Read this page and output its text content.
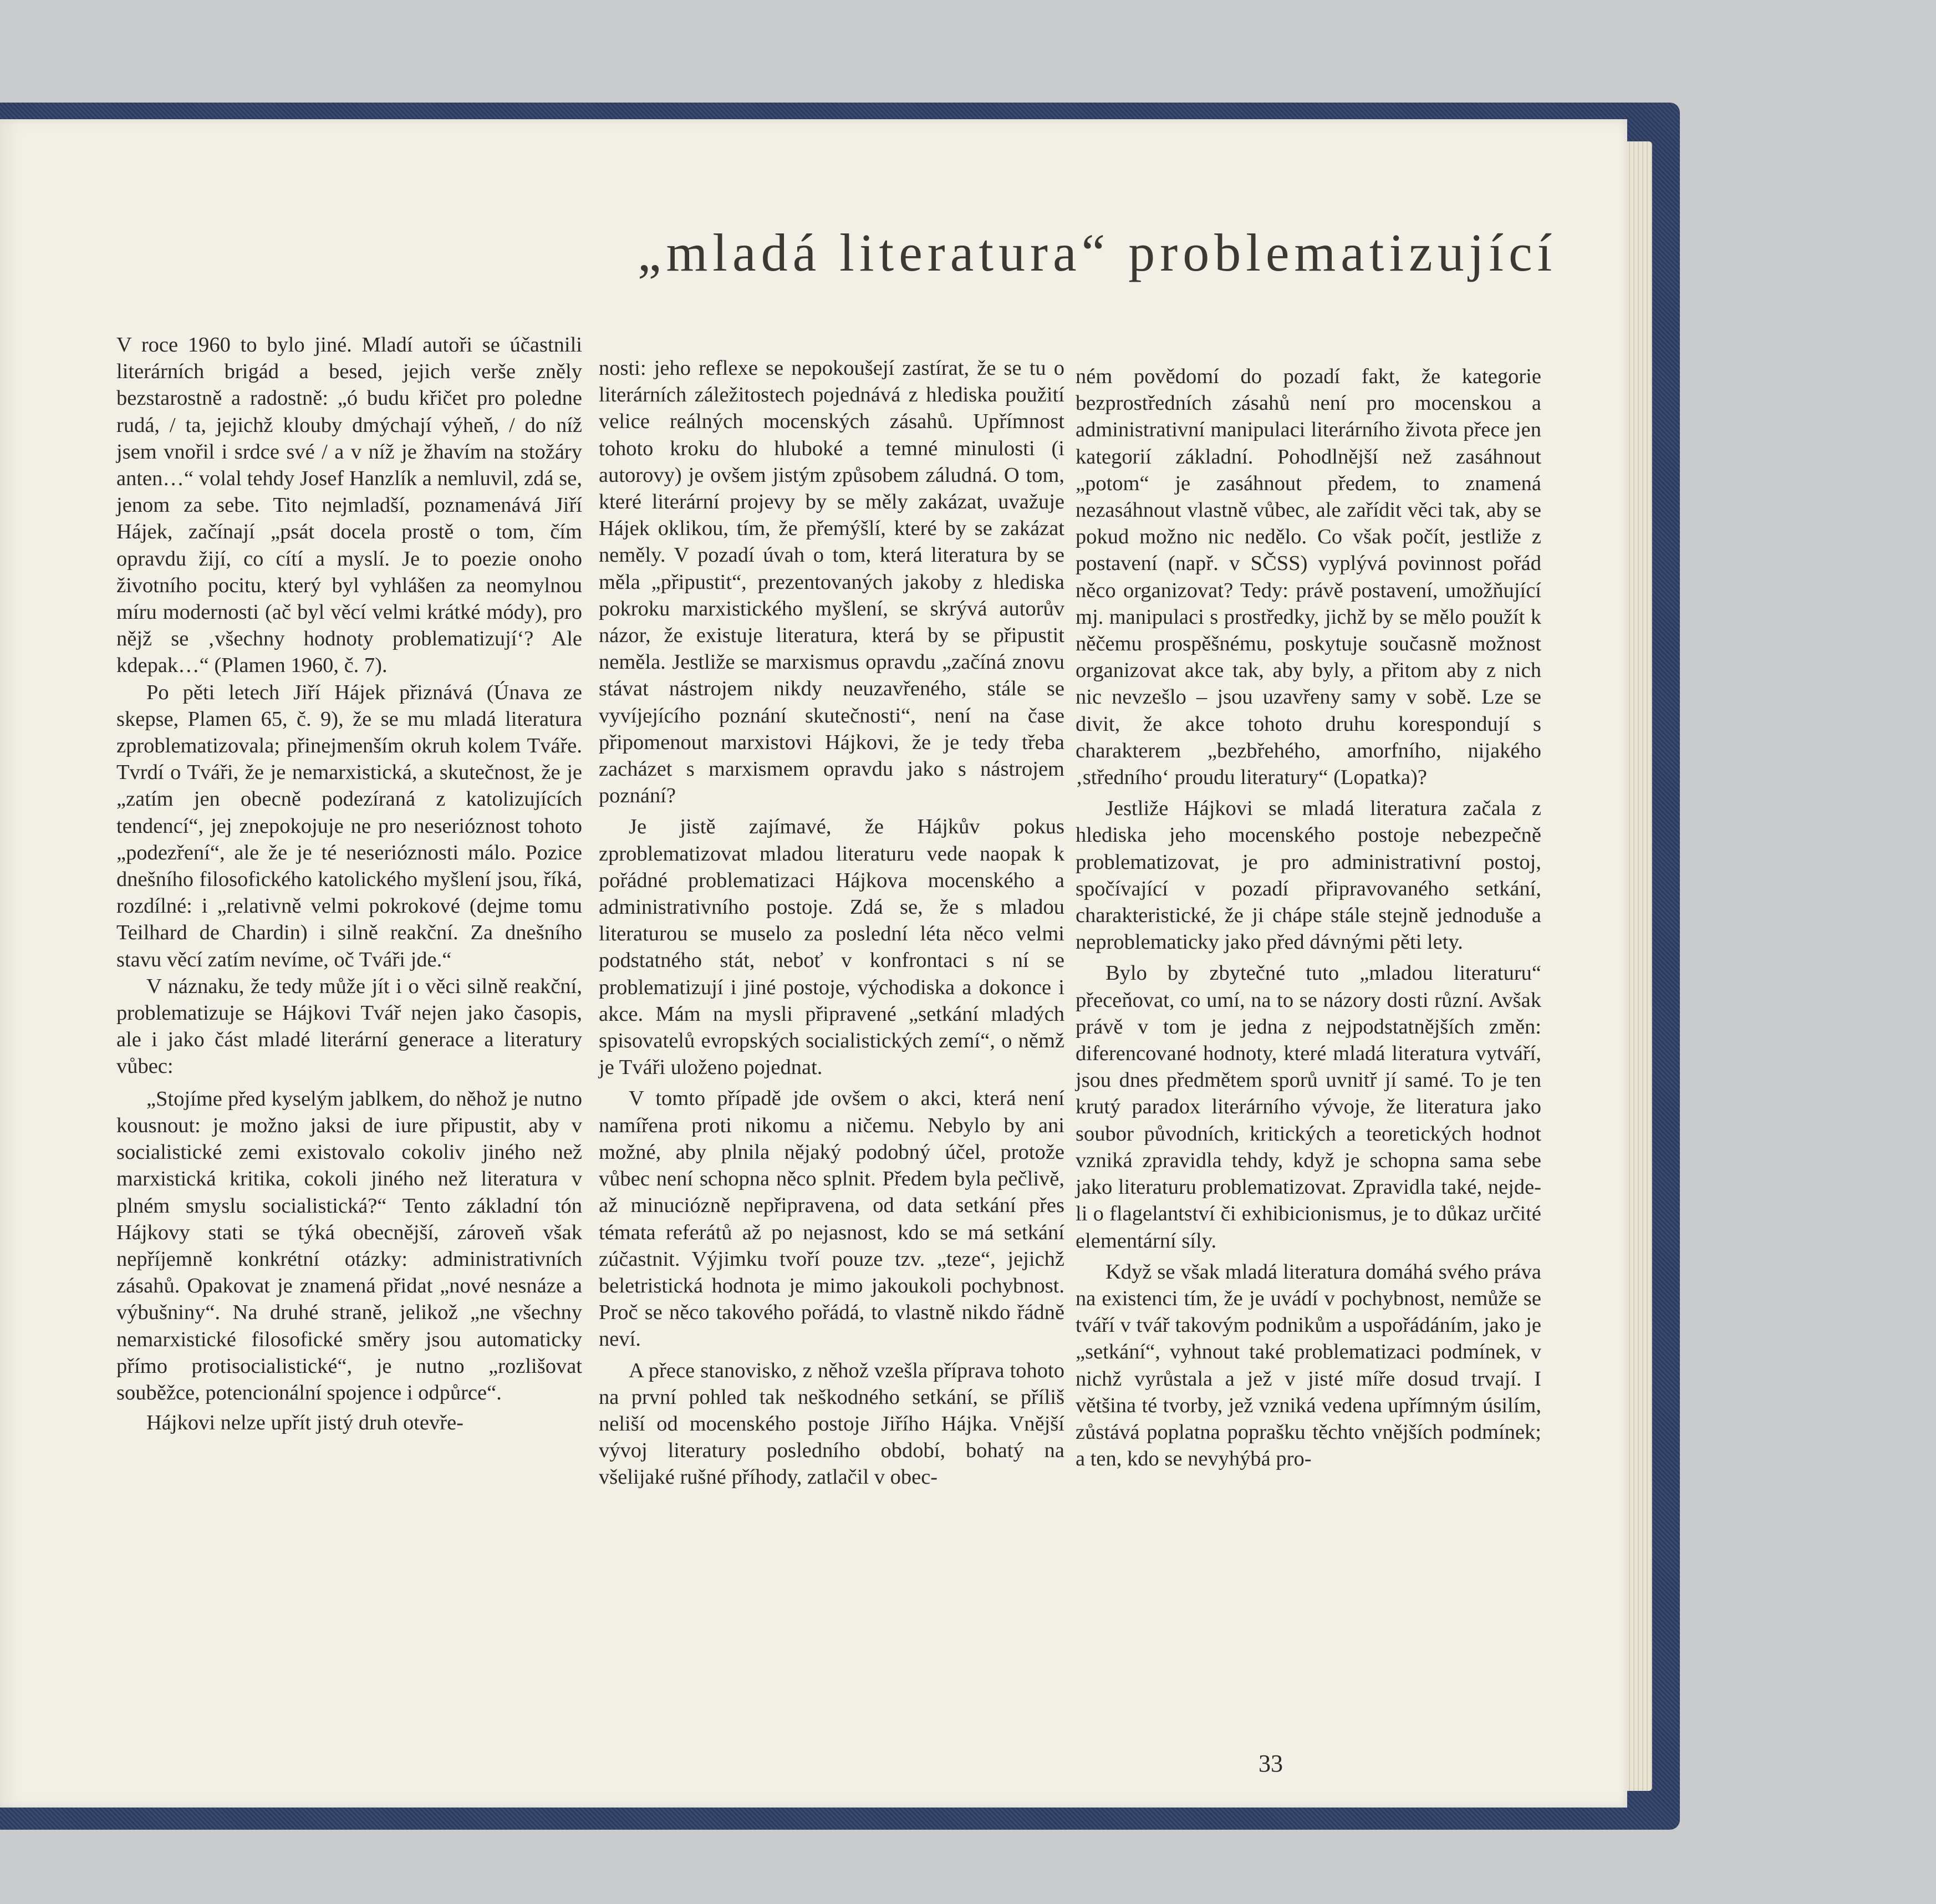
„mladá literatura“ problematizující

V roce 1960 to bylo jiné. Mladí autoři se účastnili literárních brigád a besed, jejich verše zněly bezstarostně a radostně: „ó budu křičet pro poledne rudá, / ta, jejichž klouby dmýchají výheň, / do níž jsem vnořil i srdce své / a v níž je žhavím na stožáry anten…“ volal tehdy Josef Hanzlík a nemluvil, zdá se, jenom za sebe. Tito nejmladší, poznamenává Jiří Hájek, začínají „psát docela prostě o tom, čím opravdu žijí, co cítí a myslí. Je to poezie onoho životního pocitu, který byl vyhlášen za neomylnou míru modernosti (ač byl věcí velmi krátké módy), pro nějž se ‚všechny hodnoty problematizují‘? Ale kdepak…“ (Plamen 1960, č. 7).

Po pěti letech Jiří Hájek přiznává (Únava ze skepse, Plamen 65, č. 9), že se mu mladá literatura zproblematizovala; přinejmenším okruh kolem Tváře. Tvrdí o Tváři, že je nemarxistická, a skutečnost, že je „zatím jen obecně podezíraná z katolizujících tendencí“, jej znepokojuje ne pro neserióznost tohoto „podezření“, ale že je té neserióznosti málo. Pozice dnešního filosofického katolického myšlení jsou, říká, rozdílné: i „relativně velmi pokrokové (dejme tomu Teilhard de Chardin) i silně reakční. Za dnešního stavu věcí zatím nevíme, oč Tváři jde.“

V náznaku, že tedy může jít i o věci silně reakční, problematizuje se Hájkovi Tvář nejen jako časopis, ale i jako část mladé literární generace a literatury vůbec:

„Stojíme před kyselým jablkem, do něhož je nutno kousnout: je možno jaksi de iure připustit, aby v socialistické zemi existovalo cokoliv jiného než marxistická kritika, cokoli jiného než literatura v plném smyslu socialistická?“ Tento základní tón Hájkovy stati se týká obecnější, zároveň však nepříjemně konkrétní otázky: administrativních zásahů. Opakovat je znamená přidat „nové nesnáze a výbušniny“. Na druhé straně, jelikož „ne všechny nemarxistické filosofické směry jsou automaticky přímo protisocialistické“, je nutno „rozlišovat souběžce, potencionální spojence i odpůrce“.

Hájkovi nelze upřít jistý druh otevře-

nosti: jeho reflexe se nepokoušejí zastírat, že se tu o literárních záležitostech pojednává z hlediska použití velice reálných mocenských zásahů. Upřímnost tohoto kroku do hluboké a temné minulosti (i autorovy) je ovšem jistým způsobem záludná. O tom, které literární projevy by se měly zakázat, uvažuje Hájek oklikou, tím, že přemýšlí, které by se zakázat neměly. V pozadí úvah o tom, která literatura by se měla „připustit“, prezentovaných jakoby z hlediska pokroku marxistického myšlení, se skrývá autorův názor, že existuje literatura, která by se připustit neměla. Jestliže se marxismus opravdu „začíná znovu stávat nástrojem nikdy neuzavřeného, stále se vyvíjejícího poznání skutečnosti“, není na čase připomenout marxistovi Hájkovi, že je tedy třeba zacházet s marxismem opravdu jako s nástrojem poznání?

Je jistě zajímavé, že Hájkův pokus zproblematizovat mladou literaturu vede naopak k pořádné problematizaci Hájkova mocenského a administrativního postoje. Zdá se, že s mladou literaturou se muselo za poslední léta něco velmi podstatného stát, neboť v konfrontaci s ní se problematizují i jiné postoje, východiska a dokonce i akce. Mám na mysli připravené „setkání mladých spisovatelů evropských socialistických zemí“, o němž je Tváři uloženo pojednat.

V tomto případě jde ovšem o akci, která není namířena proti nikomu a ničemu. Nebylo by ani možné, aby plnila nějaký podobný účel, protože vůbec není schopna něco splnit. Předem byla pečlivě, až minuciózně nepřipravena, od data setkání přes témata referátů až po nejasnost, kdo se má setkání zúčastnit. Výjimku tvoří pouze tzv. „teze“, jejichž beletristická hodnota je mimo jakoukoli pochybnost. Proč se něco takového pořádá, to vlastně nikdo řádně neví.

A přece stanovisko, z něhož vzešla příprava tohoto na první pohled tak neškodného setkání, se příliš neliší od mocenského postoje Jiřího Hájka. Vnější vývoj literatury posledního období, bohatý na všelijaké rušné příhody, zatlačil v obec-

ném povědomí do pozadí fakt, že kategorie bezprostředních zásahů není pro mocenskou a administrativní manipulaci literárního života přece jen kategorií základní. Pohodlnější než zasáhnout „potom“ je zasáhnout předem, to znamená nezasáhnout vlastně vůbec, ale zařídit věci tak, aby se pokud možno nic nedělo. Co však počít, jestliže z postavení (např. v SČSS) vyplývá povinnost pořád něco organizovat? Tedy: právě postavení, umožňující mj. manipulaci s prostředky, jichž by se mělo použít k něčemu prospěšnému, poskytuje současně možnost organizovat akce tak, aby byly, a přitom aby z nich nic nevzešlo – jsou uzavřeny samy v sobě. Lze se divit, že akce tohoto druhu korespondují s charakterem „bezbřehého, amorfního, nijakého ‚středního‘ proudu literatury“ (Lopatka)?

Jestliže Hájkovi se mladá literatura začala z hlediska jeho mocenského postoje nebezpečně problematizovat, je pro administrativní postoj, spočívající v pozadí připravovaného setkání, charakteristické, že ji chápe stále stejně jednoduše a neproblematicky jako před dávnými pěti lety.

Bylo by zbytečné tuto „mladou literaturu“ přeceňovat, co umí, na to se názory dosti různí. Avšak právě v tom je jedna z nejpodstatnějších změn: diferencované hodnoty, které mladá literatura vytváří, jsou dnes předmětem sporů uvnitř jí samé. To je ten krutý paradox literárního vývoje, že literatura jako soubor původních, kritických a teoretických hodnot vzniká zpravidla tehdy, když je schopna sama sebe jako literaturu problematizovat. Zpravidla také, nejde-li o flagelantství či exhibicionismus, je to důkaz určité elementární síly.

Když se však mladá literatura domáhá svého práva na existenci tím, že je uvádí v pochybnost, nemůže se tváří v tvář takovým podnikům a uspořádáním, jako je „setkání“, vyhnout také problematizaci podmínek, v nichž vyrůstala a jež v jisté míře dosud trvají. I většina té tvorby, jež vzniká vedena upřímným úsilím, zůstává poplatna poprašku těchto vnějších podmínek; a ten, kdo se nevyhýbá pro-

33
